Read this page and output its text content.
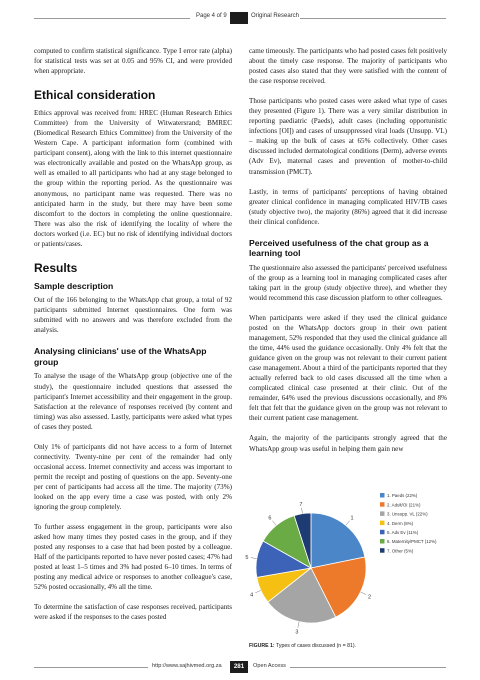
Page 4 of 9	Original Research

computed to confirm statistical significance. Type I error rate (alpha) for statistical tests was set at 0.05 and 95% CI, and were provided when appropriate.

Ethical consideration

Ethics approval was received from: HREC (Human Research Ethics Committee) from the University of Witwatersrand; BMREC (Biomedical Research Ethics Committee) from the University of the Western Cape. A participant information form (combined with participant consent), along with the link to this internet questionnaire was electronically available and posted on the WhatsApp group, as well as emailed to all participants who had at any stage belonged to the group within the reporting period. As the questionnaire was anonymous, no participant name was requested. There was no anticipated harm in the study, but there may have been some discomfort to the doctors in completing the online questionnaire. There was also the risk of identifying the locality of where the doctors worked (i.e. EC) but no risk of identifying individual doctors or patients/cases.

Results
Sample description

Out of the 166 belonging to the WhatsApp chat group, a total of 92 participants submitted Internet questionnaires. One form was submitted with no answers and was therefore excluded from the analysis.

Analysing clinicians' use of the WhatsApp group

To analyse the usage of the WhatsApp group (objective one of the study), the questionnaire included questions that assessed the participant's Internet accessibility and their engagement in the group. Satisfaction at the relevance of responses received (by content and timing) was also assessed. Lastly, participants were asked what types of cases they posted.

Only 1% of participants did not have access to a form of Internet connectivity. Twenty-nine per cent of the remainder had only occasional access. Internet connectivity and access was important to permit the receipt and posting of questions on the app. Seventy-one per cent of participants had access all the time. The majority (73%) looked on the app every time a case was posted, with only 2% ignoring the group completely.

To further assess engagement in the group, participants were also asked how many times they posted cases in the group, and if they posted any responses to a case that had been posted by a colleague. Half of the participants reported to have never posted cases; 47% had posted at least 1–5 times and 3% had posted 6–10 times. In terms of posting any medical advice or responses to another colleague's case, 52% posted occasionally, 4% all the time.

To determine the satisfaction of case responses received, participants were asked if the responses to the cases posted

came timeously. The participants who had posted cases felt positively about the timely case response. The majority of participants who posted cases also stated that they were satisfied with the content of the case response received.

Those participants who posted cases were asked what type of cases they presented (Figure 1). There was a very similar distribution in reporting paediatric (Paeds), adult cases (including opportunistic infections [OI]) and cases of unsuppressed viral loads (Unsupp. VL) – making up the bulk of cases at 65% collectively. Other cases discussed included dermatological conditions (Derm), adverse events (Adv Ev), maternal cases and prevention of mother-to-child transmission (PMCT).

Lastly, in terms of participants' perceptions of having obtained greater clinical confidence in managing complicated HIV/TB cases (study objective two), the majority (86%) agreed that it did increase their clinical confidence.

Perceived usefulness of the chat group as a learning tool

The questionnaire also assessed the participants' perceived usefulness of the group as a learning tool in managing complicated cases after taking part in the group (study objective three), and whether they would recommend this case discussion platform to other colleagues.

When participants were asked if they used the clinical guidance posted on the WhatsApp doctors group in their own patient management, 52% responded that they used the clinical guidance all the time, 44% used the guidance occasionally. Only 4% felt that the guidance given on the group was not relevant to their current patient case management. About a third of the participants reported that they actually referred back to old cases discussed all the time when a complicated clinical case presented at their clinic. Out of the remainder, 64% used the previous discussions occasionally, and 8% felt that felt that the guidance given on the group was not relevant to their current patient case management.

Again, the majority of the participants strongly agreed that the WhatsApp group was useful in helping them gain new

1
2
3
4
5
6
7
1. Paeds (22%)
2. Adult/OI (21%)
3. Unsupp. VL (22%)
4. Derm (8%)
5. Adv Ev (11%)
6. Maternity/PMCT (12%)
7. Other (5%)
FIGURE 1: Types of cases discussed (n = 81).
http://www.sajhivmed.org.za	281	Open Access
